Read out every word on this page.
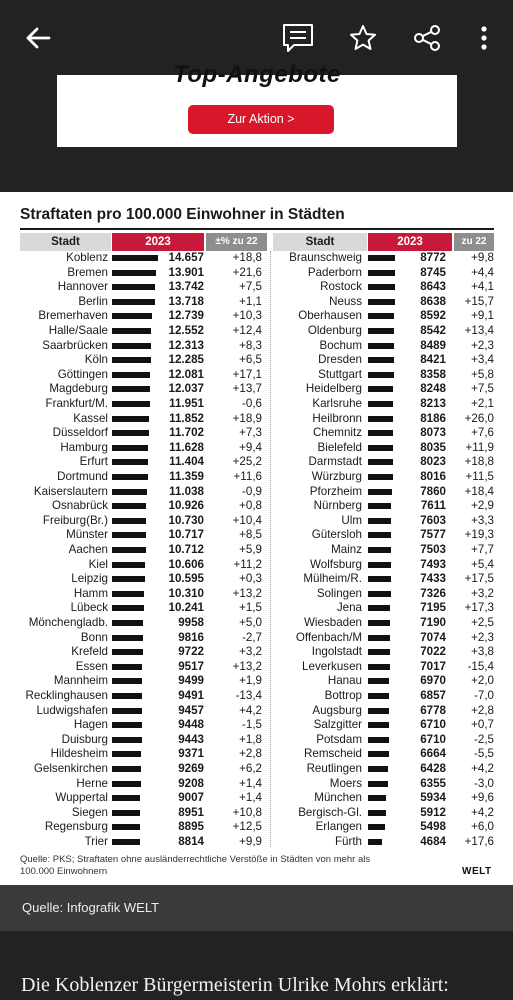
Top-Angebote
Zur Aktion >
Straftaten pro 100.000 Einwohner in Städten
Stadt	2023	±% zu 22	Stadt	2023	zu 22
Koblenz	14.657 +18,8
Bremen	13.901 +21,6
Hannover	13.742	+7,5
Berlin	13.718	+1,1
Bremerhaven	12.739 +10,3
Halle/Saale	12.552 +12,4
Saarbrücken	12.313	+8,3
Köln	12.285	+6,5
Göttingen	12.081 +17,1
Magdeburg	12.037 +13,7
Frankfurt/M.	11.951	-0,6
Kassel	11.852 +18,9
Düsseldorf	11.702	+7,3
Hamburg	11.628	+9,4
Erfurt	11.404 +25,2
Dortmund	11.359	+11,6
Kaiserslautern	11.038	-0,9
Osnabrück	10.926	+0,8
Freiburg(Br.)	10.730 +10,4
Münster	10.717	+8,5
Aachen	10.712	+5,9
Kiel	10.606	+11,2
Leipzig	10.595	+0,3
Hamm	10.310 +13,2
Lübeck	10.241	+1,5
Mönchengladb.	9958	+5,0
Bonn	9816	-2,7
Krefeld	9722	+3,2
Essen	9517 +13,2
Mannheim	9499	+1,9
Recklinghausen	9491	-13,4
Ludwigshafen	9457	+4,2
Hagen	9448	-1,5
Duisburg	9443	+1,8
Hildesheim	9371	+2,8
Gelsenkirchen	9269	+6,2
Herne	9208	+1,4
Wuppertal	9007	+1,4
Siegen	8951 +10,8
Regensburg	8895 +12,5
Trier	8814	+9,9
Braunschweig	8772 +9,8
Paderborn	8745 +4,4
Rostock	8643 +4,1
Neuss	8638 +15,7
Oberhausen	8592 +9,1
Oldenburg	8542 +13,4
Bochum	8489 +2,3
Dresden	8421 +3,4
Stuttgart	8358 +5,8
Heidelberg	8248 +7,5
Karlsruhe	8213 +2,1
Heilbronn	8186 +26,0
Chemnitz	8073 +7,6
Bielefeld	8035 +11,9
Darmstadt	8023 +18,8
Würzburg	8016 +11,5
Pforzheim	7860 +18,4
Nürnberg	7611 +2,9
Ulm	7603 +3,3
Gütersloh	7577 +19,3
Mainz	7503 +7,7
Wolfsburg	7493 +5,4
Mülheim/R.	7433 +17,5
Solingen	7326 +3,2
Jena	7195 +17,3
Wiesbaden	7190 +2,5
Offenbach/M	7074 +2,3
Ingolstadt	7022 +3,8
Leverkusen	7017 -15,4
Hanau	6970 +2,0
Bottrop	6857 -7,0
Augsburg	6778 +2,8
Salzgitter	6710 +0,7
Potsdam	6710 -2,5
Remscheid	6664 -5,5
Reutlingen	6428 +4,2
Moers	6355 -3,0
München	5934 +9,6
Bergisch-Gl.	5912 +4,2
Erlangen	5498 +6,0
Fürth	4684 +17,6
Quelle: PKS; Straftaten ohne ausländerrechtliche Verstöße in Städten von mehr als 100.000 Einwohnern	WELT
Quelle: Infografik WELT
Die Koblenzer Bürgermeisterin Ulrike Mohrs erklärt:
